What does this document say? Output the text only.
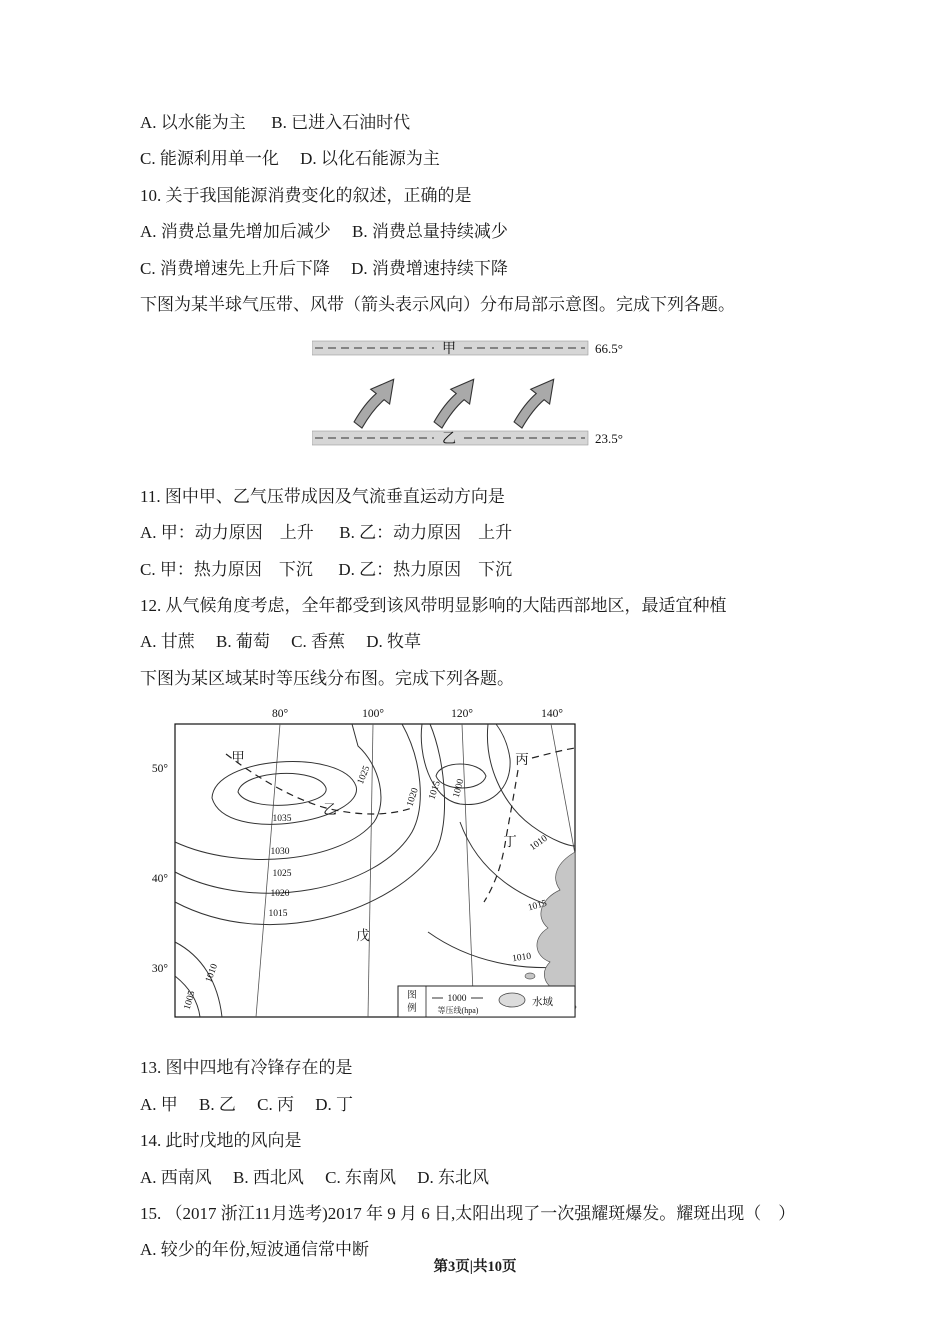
A. 以水能为主      B. 已进入石油时代

C. 能源利用单一化     D. 以化石能源为主

10. 关于我国能源消费变化的叙述，正确的是

A. 消费总量先增加后减少     B. 消费总量持续减少

C. 消费增速先上升后下降     D. 消费增速持续下降

下图为某半球气压带、风带（箭头表示风向）分布局部示意图。完成下列各题。

甲	66.5°
乙	23.5°

11. 图中甲、乙气压带成因及气流垂直运动方向是

A. 甲：动力原因　上升      B. 乙：动力原因　上升

C. 甲：热力原因　下沉      D. 乙：热力原因　下沉

12. 从气候角度考虑，全年都受到该风带明显影响的大陆西部地区，最适宜种植

A. 甘蔗     B. 葡萄     C. 香蕉     D. 牧草

下图为某区域某时等压线分布图。完成下列各题。

80°	100°	120°	140°
50°
40°
30°
1035
1030
1025
1020
1015
1025
1020 1015 1000
1010
1015
1010
1010
1005
甲
乙
丙
丁
戊
图
例
1000
等压线(hpa)
水域

13. 图中四地有冷锋存在的是

A. 甲     B. 乙     C. 丙     D. 丁

14. 此时戊地的风向是

A. 西南风     B. 西北风     C. 东南风     D. 东北风

15. （2017 浙江11月选考)2017 年 9 月 6 日,太阳出现了一次强耀斑爆发。耀斑出现（    ）

A. 较少的年份,短波通信常中断

第3页|共10页
